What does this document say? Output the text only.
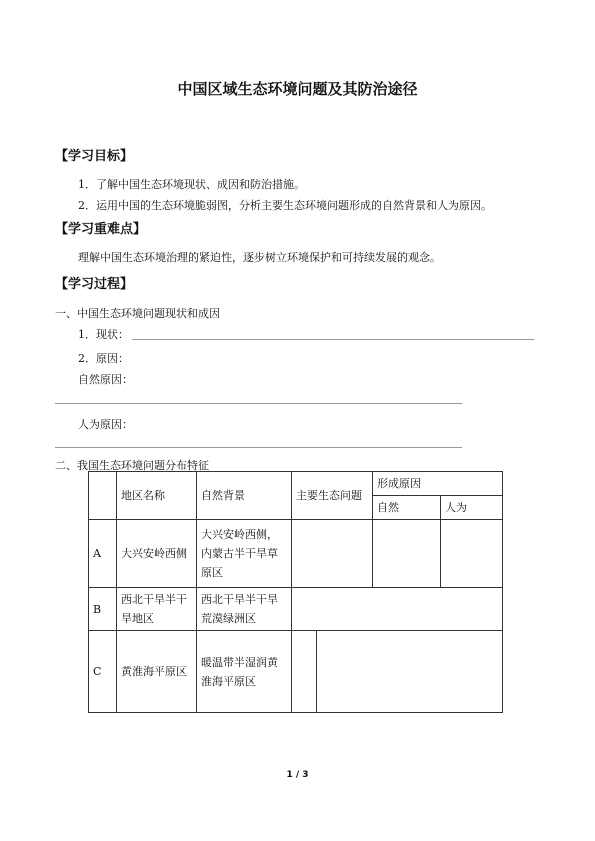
中国区域生态环境问题及其防治途径
【学习目标】
1．了解中国生态环境现状、成因和防治措施。
2．运用中国的生态环境脆弱图，分析主要生态环境问题形成的自然背景和人为原因。
【学习重难点】
理解中国生态环境治理的紧迫性，逐步树立环境保护和可持续发展的观念。
【学习过程】
一、中国生态环境问题现状和成因
1．现状：
2．原因：
自然原因：
人为原因：
二、我国生态环境问题分布特征
	地区名称	自然背景	主要生态问题		形成原因	
					自然	人为
A	大兴安岭西侧	大兴安岭西侧，内蒙古半干旱草原区				
B	西北干旱半干旱地区	西北干旱半干旱荒漠绿洲区				
C	黄淮海平原区	暖温带半湿润黄淮海平原区				
1 / 3
